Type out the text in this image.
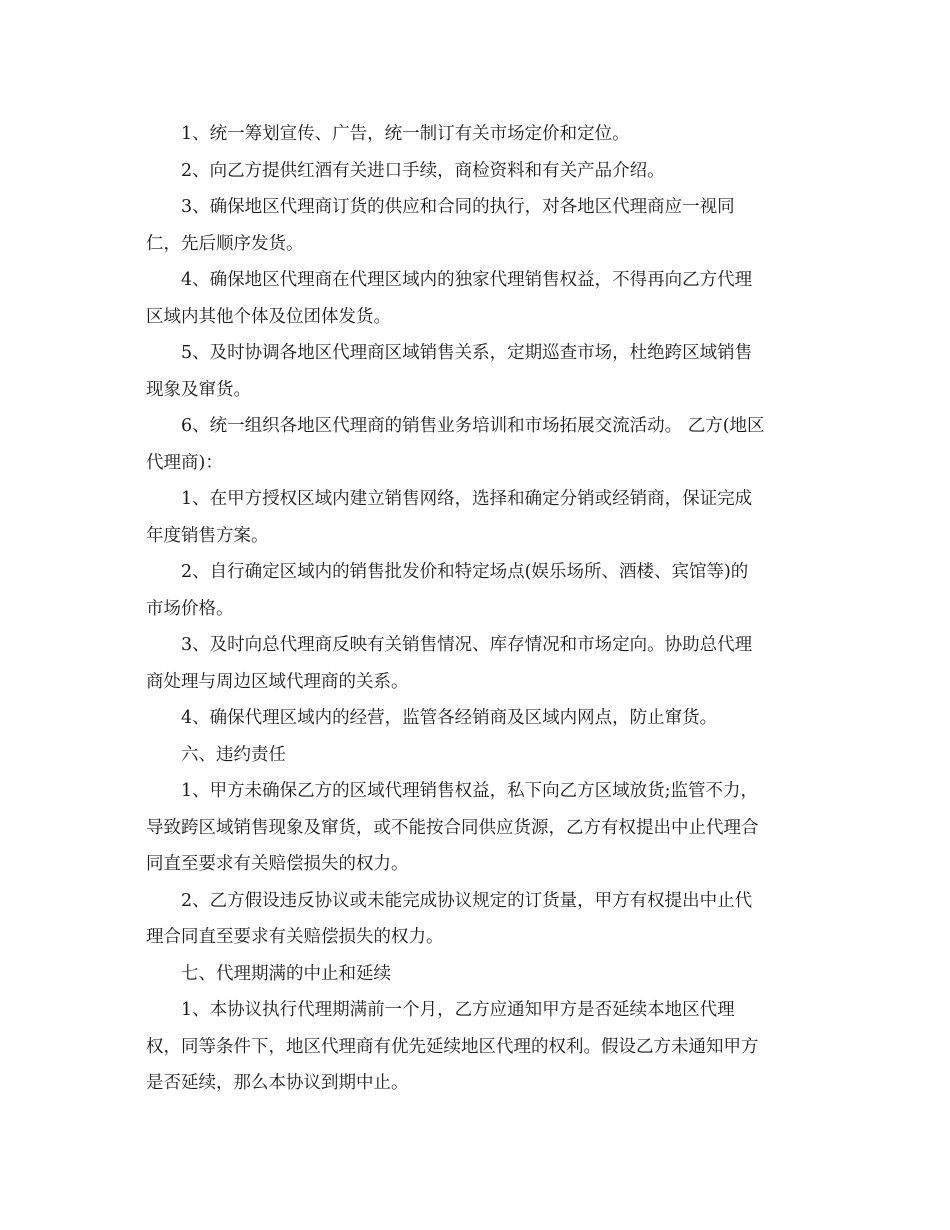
1、统一筹划宣传、广告，统一制订有关市场定价和定位。

2、向乙方提供红酒有关进口手续，商检资料和有关产品介绍。

3、确保地区代理商订货的供应和合同的执行，对各地区代理商应一视同
仁，先后顺序发货。

4、确保地区代理商在代理区域内的独家代理销售权益，不得再向乙方代理
区域内其他个体及位团体发货。

5、及时协调各地区代理商区域销售关系，定期巡查市场，杜绝跨区域销售
现象及窜货。

6、统一组织各地区代理商的销售业务培训和市场拓展交流活动。 乙方(地区
代理商)：

1、在甲方授权区域内建立销售网络，选择和确定分销或经销商，保证完成
年度销售方案。

2、自行确定区域内的销售批发价和特定场点(娱乐场所、酒楼、宾馆等)的
市场价格。

3、及时向总代理商反映有关销售情况、库存情况和市场定向。协助总代理
商处理与周边区域代理商的关系。

4、确保代理区域内的经营，监管各经销商及区域内网点，防止窜货。

六、违约责任

1、甲方未确保乙方的区域代理销售权益，私下向乙方区域放货;监管不力，
导致跨区域销售现象及窜货，或不能按合同供应货源，乙方有权提出中止代理合
同直至要求有关赔偿损失的权力。

2、乙方假设违反协议或未能完成协议规定的订货量，甲方有权提出中止代
理合同直至要求有关赔偿损失的权力。

七、代理期满的中止和延续

1、本协议执行代理期满前一个月，乙方应通知甲方是否延续本地区代理
权，同等条件下，地区代理商有优先延续地区代理的权利。假设乙方未通知甲方
是否延续，那么本协议到期中止。
